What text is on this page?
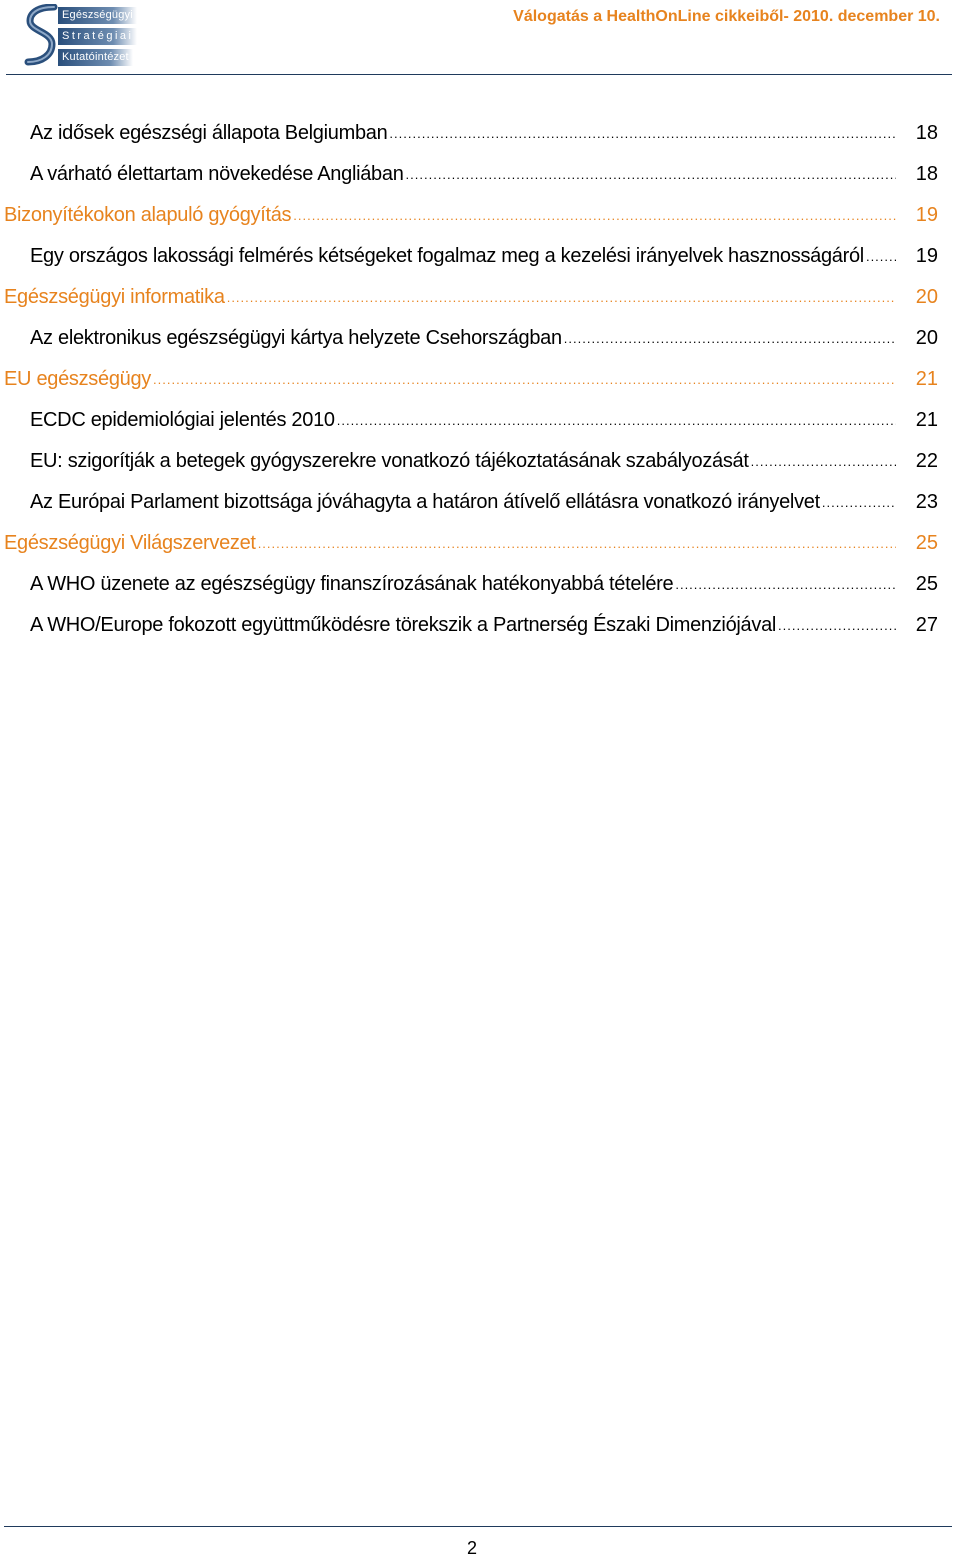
Egészségügyi
Stratégiai
Kutatóintézet
Válogatás a HealthOnLine cikkeiből- 2010. december 10.
Az idősek egészségi állapota Belgiumban .....	18
A várható élettartam növekedése Angliában .....	18
Bizonyítékokon alapuló gyógyítás .....	19
Egy országos lakossági felmérés kétségeket fogalmaz meg a kezelési irányelvek hasznosságáról .....	19
Egészségügyi informatika .....	20
Az elektronikus egészségügyi kártya helyzete Csehországban .....	20
EU egészségügy .....	21
ECDC epidemiológiai jelentés 2010 .....	21
EU: szigorítják a betegek gyógyszerekre vonatkozó tájékoztatásának szabályozását .....	22
Az Európai Parlament bizottsága jóváhagyta a határon átívelő ellátásra vonatkozó irányelvet .....	23
Egészségügyi Világszervezet .....	25
A WHO üzenete az egészségügy finanszírozásának hatékonyabbá tételére .....	25
A WHO/Europe fokozott együttműködésre törekszik a Partnerség Északi Dimenziójával .....	27
2
